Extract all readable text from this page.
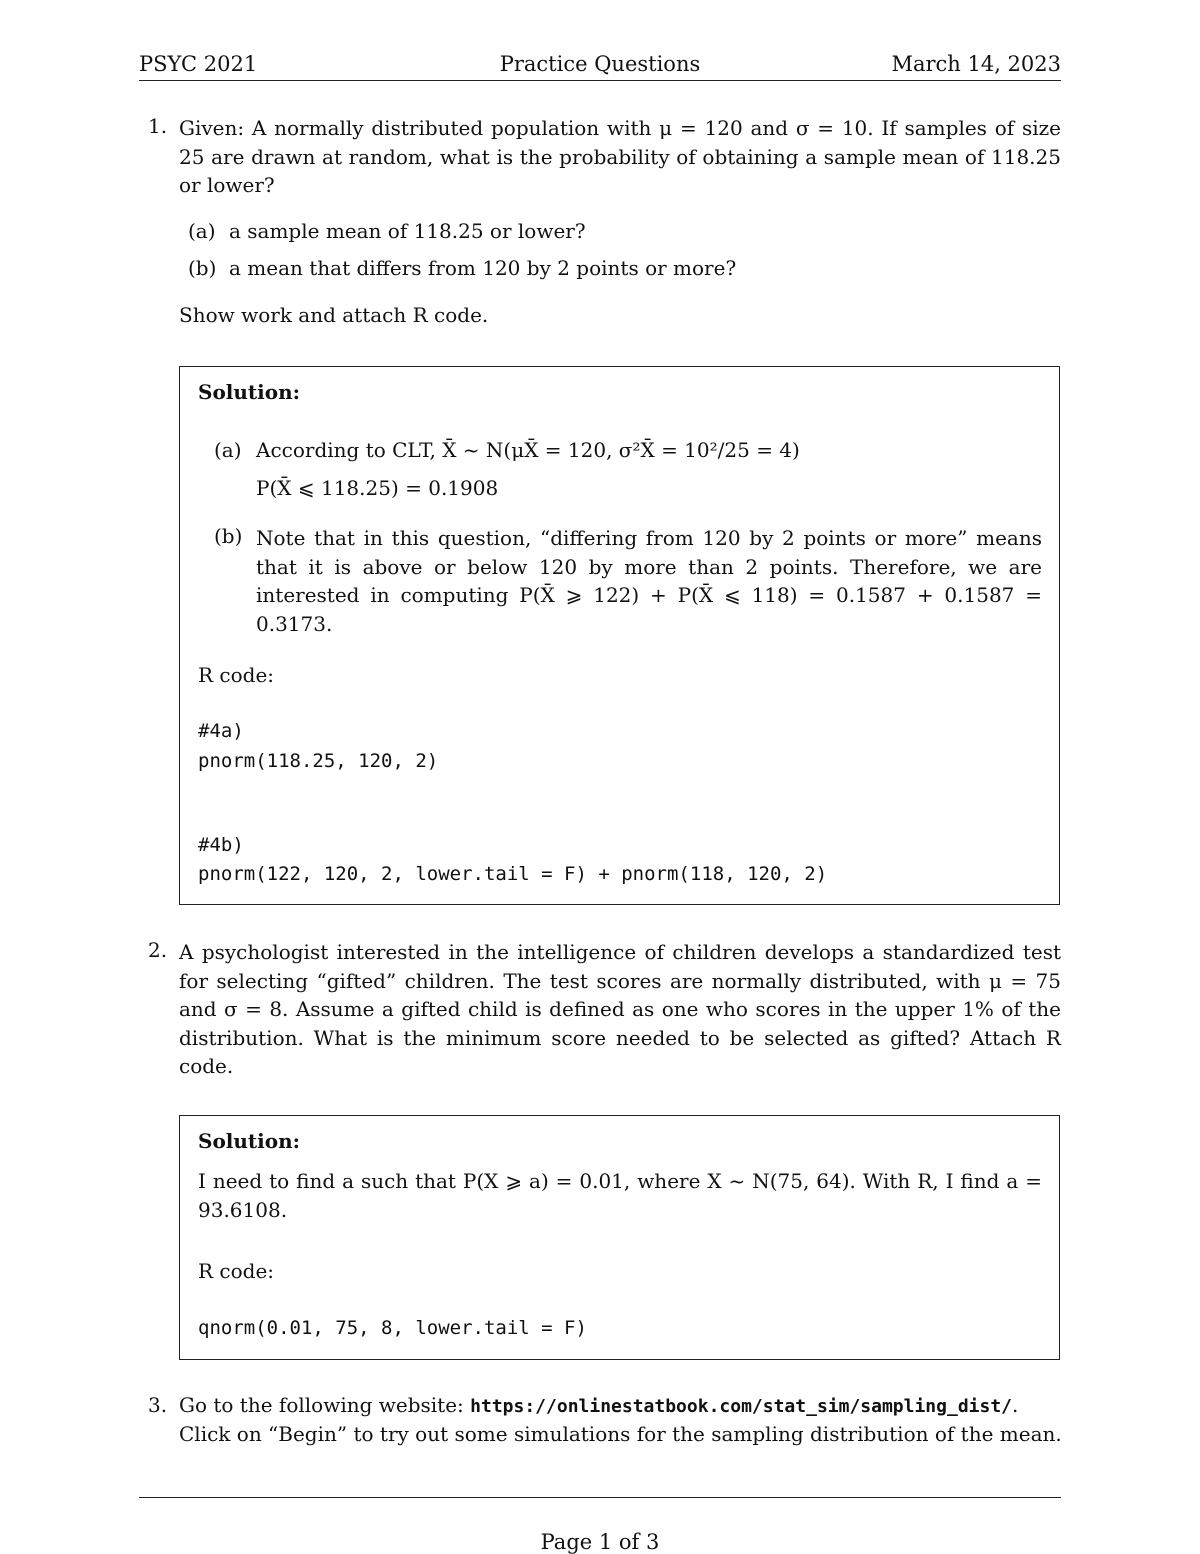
PSYC 2021	Practice Questions	March 14, 2023
1. Given: A normally distributed population with μ = 120 and σ = 10. If samples of size 25 are drawn at random, what is the probability of obtaining a sample mean of 118.25 or lower?
(a) a sample mean of 118.25 or lower?
(b) a mean that differs from 120 by 2 points or more?
Show work and attach R code.
Solution:
(a) According to CLT, X̄ ~ N(μX̄ = 120, σ²X̄ = 10²/25 = 4)
P(X̄ ⩽ 118.25) = 0.1908
(b) Note that in this question, “differing from 120 by 2 points or more” means that it is above or below 120 by more than 2 points. Therefore, we are interested in computing P(X̄ ⩾ 122) + P(X̄ ⩽ 118) = 0.1587 + 0.1587 = 0.3173.
R code:
#4a)
pnorm(118.25, 120, 2)
#4b)
pnorm(122, 120, 2, lower.tail = F) + pnorm(118, 120, 2)
2. A psychologist interested in the intelligence of children develops a standardized test for selecting “gifted” children. The test scores are normally distributed, with μ = 75 and σ = 8. Assume a gifted child is defined as one who scores in the upper 1% of the distribution. What is the minimum score needed to be selected as gifted? Attach R code.
Solution:
I need to find a such that P(X ⩾ a) = 0.01, where X ~ N(75, 64). With R, I find a = 93.6108.
R code:
qnorm(0.01, 75, 8, lower.tail = F)
3. Go to the following website: https://onlinestatbook.com/stat_sim/sampling_dist/.
Click on “Begin” to try out some simulations for the sampling distribution of the mean.
Page 1 of 3
